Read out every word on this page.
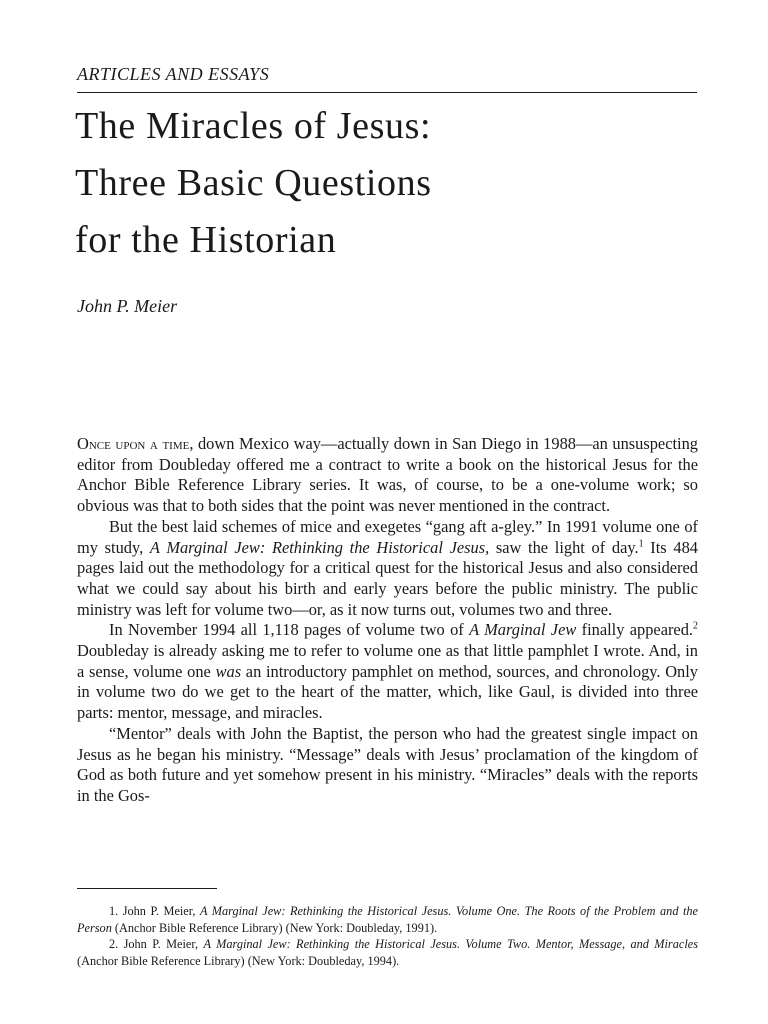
ARTICLES AND ESSAYS
The Miracles of Jesus:
Three Basic Questions
for the Historian
John P. Meier

Once upon a time, down Mexico way—actually down in San Diego in 1988—an unsuspecting editor from Doubleday offered me a contract to write a book on the historical Jesus for the Anchor Bible Reference Library series. It was, of course, to be a one-volume work; so obvious was that to both sides that the point was never mentioned in the contract.

But the best laid schemes of mice and exegetes “gang aft a-gley.” In 1991 volume one of my study, A Marginal Jew: Rethinking the Historical Jesus, saw the light of day.$^1$ Its 484 pages laid out the methodology for a critical quest for the historical Jesus and also considered what we could say about his birth and early years before the public ministry. The public ministry was left for volume two—or, as it now turns out, volumes two and three.

In November 1994 all 1,118 pages of volume two of A Marginal Jew finally appeared.$^2$ Doubleday is already asking me to refer to volume one as that little pamphlet I wrote. And, in a sense, volume one was an introductory pamphlet on method, sources, and chronology. Only in volume two do we get to the heart of the matter, which, like Gaul, is divided into three parts: mentor, message, and miracles.

“Mentor” deals with John the Baptist, the person who had the greatest single impact on Jesus as he began his ministry. “Message” deals with Jesus’ proclamation of the kingdom of God as both future and yet somehow present in his ministry. “Miracles” deals with the reports in the Gos-

1. John P. Meier, A Marginal Jew: Rethinking the Historical Jesus. Volume One. The Roots of the Problem and the Person (Anchor Bible Reference Library) (New York: Doubleday, 1991).

2. John P. Meier, A Marginal Jew: Rethinking the Historical Jesus. Volume Two. Mentor, Message, and Miracles (Anchor Bible Reference Library) (New York: Doubleday, 1994).
